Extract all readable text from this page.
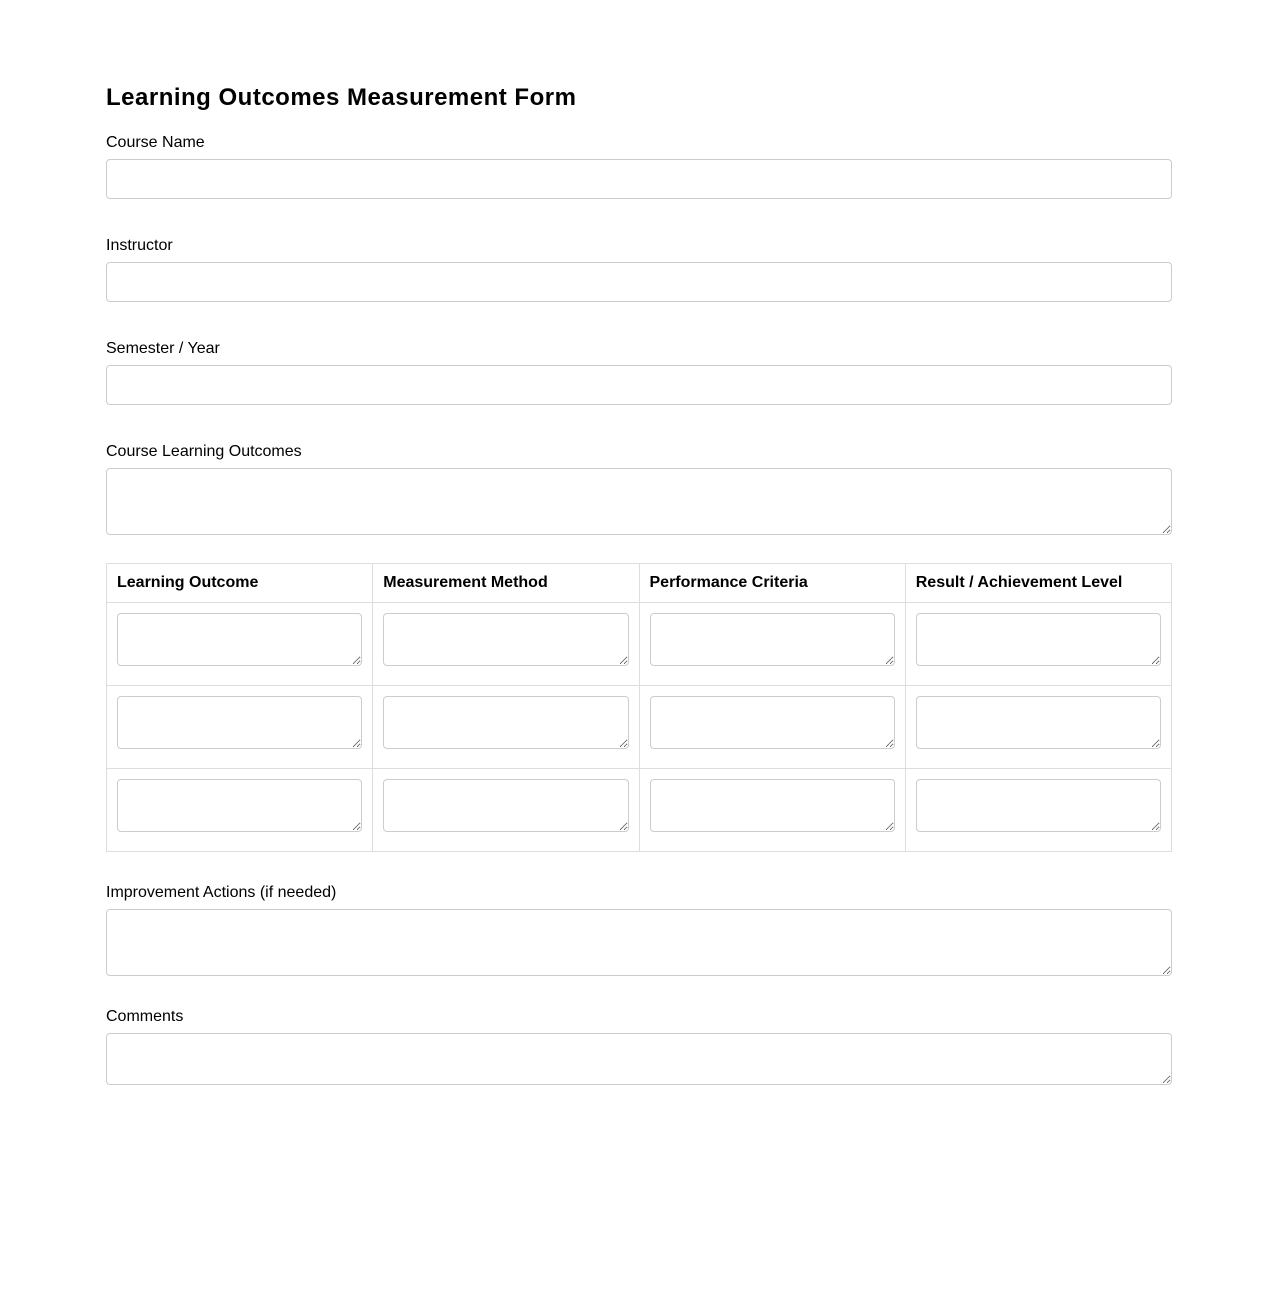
Learning Outcomes Measurement Form
Course Name
Instructor
Semester / Year
Course Learning Outcomes
Learning Outcome	Measurement Method	Performance Criteria	Result / Achievement Level

Improvement Actions (if needed)
Comments
